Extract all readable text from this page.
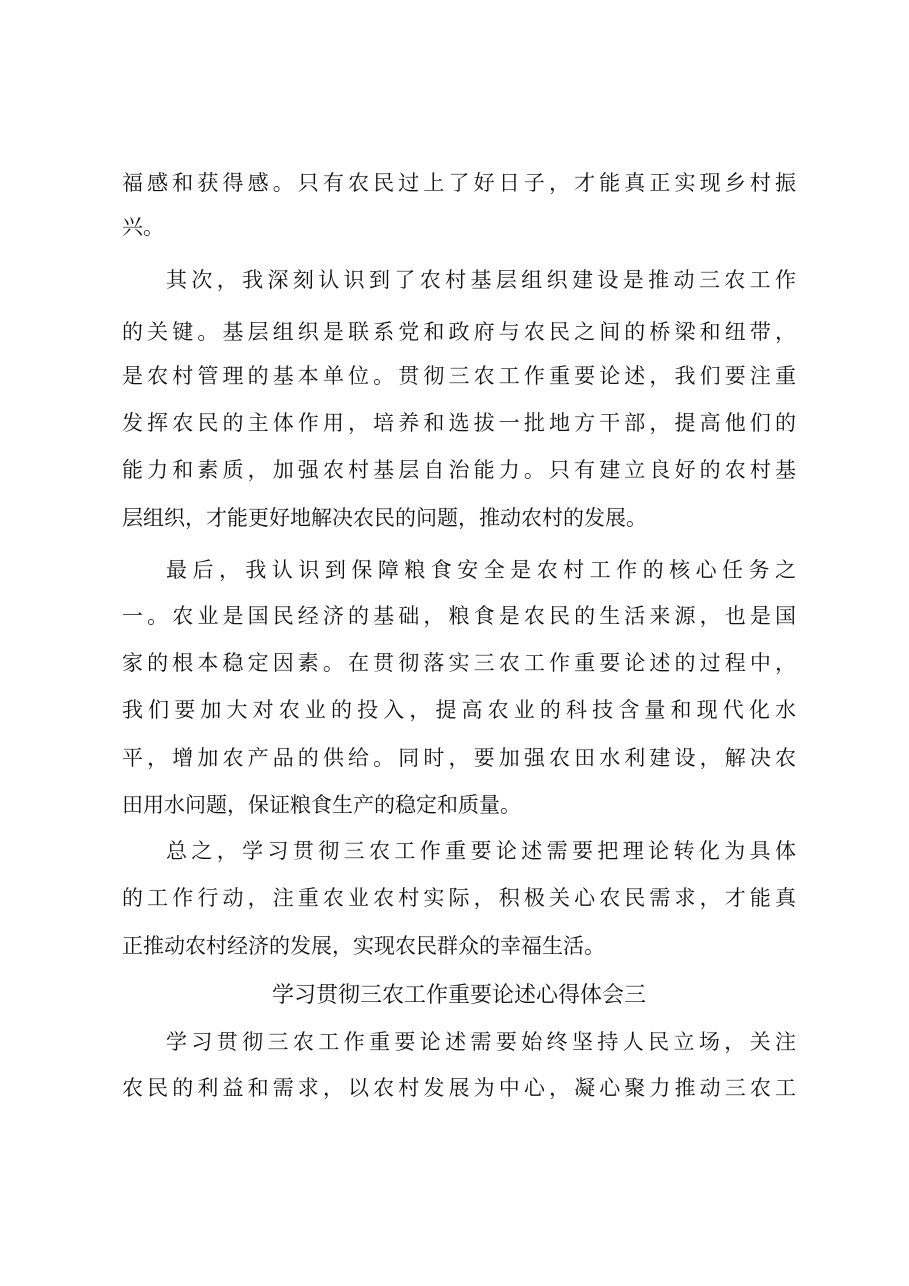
福感和获得感。只有农民过上了好日子，才能真正实现乡村振
兴。
其次，我深刻认识到了农村基层组织建设是推动三农工作
的关键。基层组织是联系党和政府与农民之间的桥梁和纽带，
是农村管理的基本单位。贯彻三农工作重要论述，我们要注重
发挥农民的主体作用，培养和选拔一批地方干部，提高他们的
能力和素质，加强农村基层自治能力。只有建立良好的农村基
层组织，才能更好地解决农民的问题，推动农村的发展。
最后，我认识到保障粮食安全是农村工作的核心任务之
一。农业是国民经济的基础，粮食是农民的生活来源，也是国
家的根本稳定因素。在贯彻落实三农工作重要论述的过程中，
我们要加大对农业的投入，提高农业的科技含量和现代化水
平，增加农产品的供给。同时，要加强农田水利建设，解决农
田用水问题，保证粮食生产的稳定和质量。
总之，学习贯彻三农工作重要论述需要把理论转化为具体
的工作行动，注重农业农村实际，积极关心农民需求，才能真
正推动农村经济的发展，实现农民群众的幸福生活。
学习贯彻三农工作重要论述心得体会三
学习贯彻三农工作重要论述需要始终坚持人民立场，关注
农民的利益和需求，以农村发展为中心，凝心聚力推动三农工
